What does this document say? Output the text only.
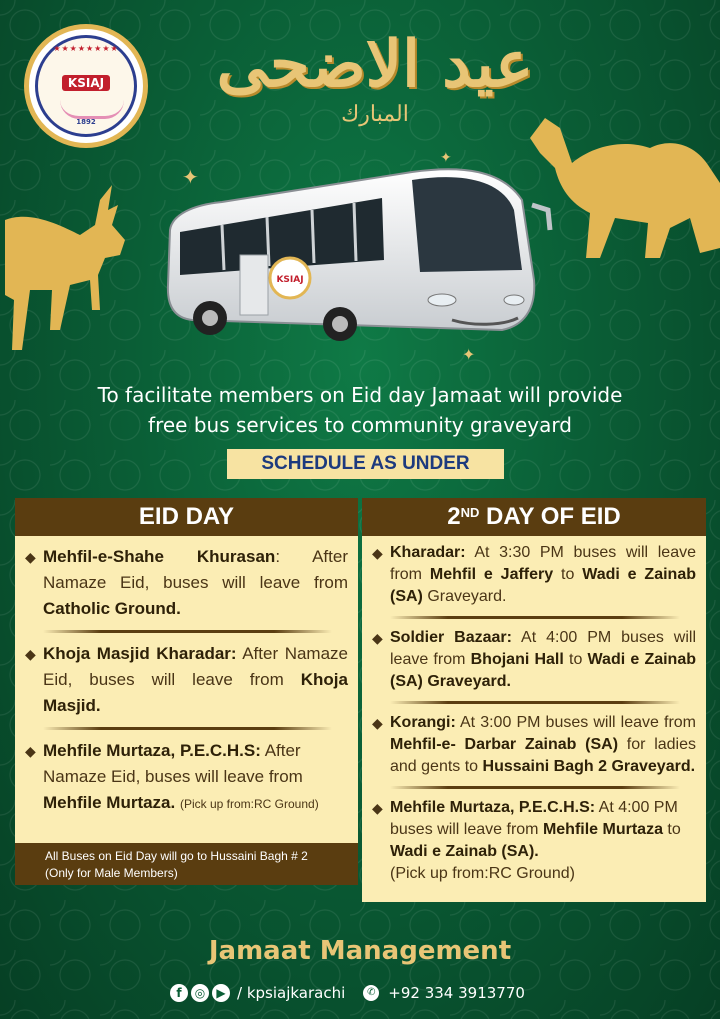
★★★★★★★★
KSIAJ
1892
عيد الاضحى
المبارك
✦
✦
✦
KSIAJ
To facilitate members on Eid day Jamaat will provide
free bus services to community graveyard
SCHEDULE AS UNDER
EID DAY
◆ Mehfil-e-Shahe Khurasan: After Namaze Eid, buses will leave from Catholic Ground.
◆ Khoja Masjid Kharadar: After Namaze Eid, buses will leave from Khoja Masjid.
◆ Mehfile Murtaza, P.E.C.H.S: After Namaze Eid, buses will leave from Mehfile Murtaza. (Pick up from:RC Ground)
All Buses on Eid Day will go to Hussaini Bagh # 2
(Only for Male Members)
2ND DAY OF EID
◆ Kharadar: At 3:30 PM buses will leave from Mehfil e Jaffery to Wadi e Zainab (SA) Graveyard.
◆ Soldier Bazaar: At 4:00 PM buses will leave from Bhojani Hall to Wadi e Zainab (SA) Graveyard.
◆ Korangi: At 3:00 PM buses will leave from Mehfil-e- Darbar Zainab (SA) for ladies and gents to Hussaini Bagh 2 Graveyard.
◆ Mehfile Murtaza, P.E.C.H.S: At 4:00 PM buses will leave from Mehfile Murtaza to Wadi e Zainab (SA).
(Pick up from:RC Ground)
Jamaat Management
f	◎ ▶ / kpsiajkarachi	✆ +92 334 3913770
